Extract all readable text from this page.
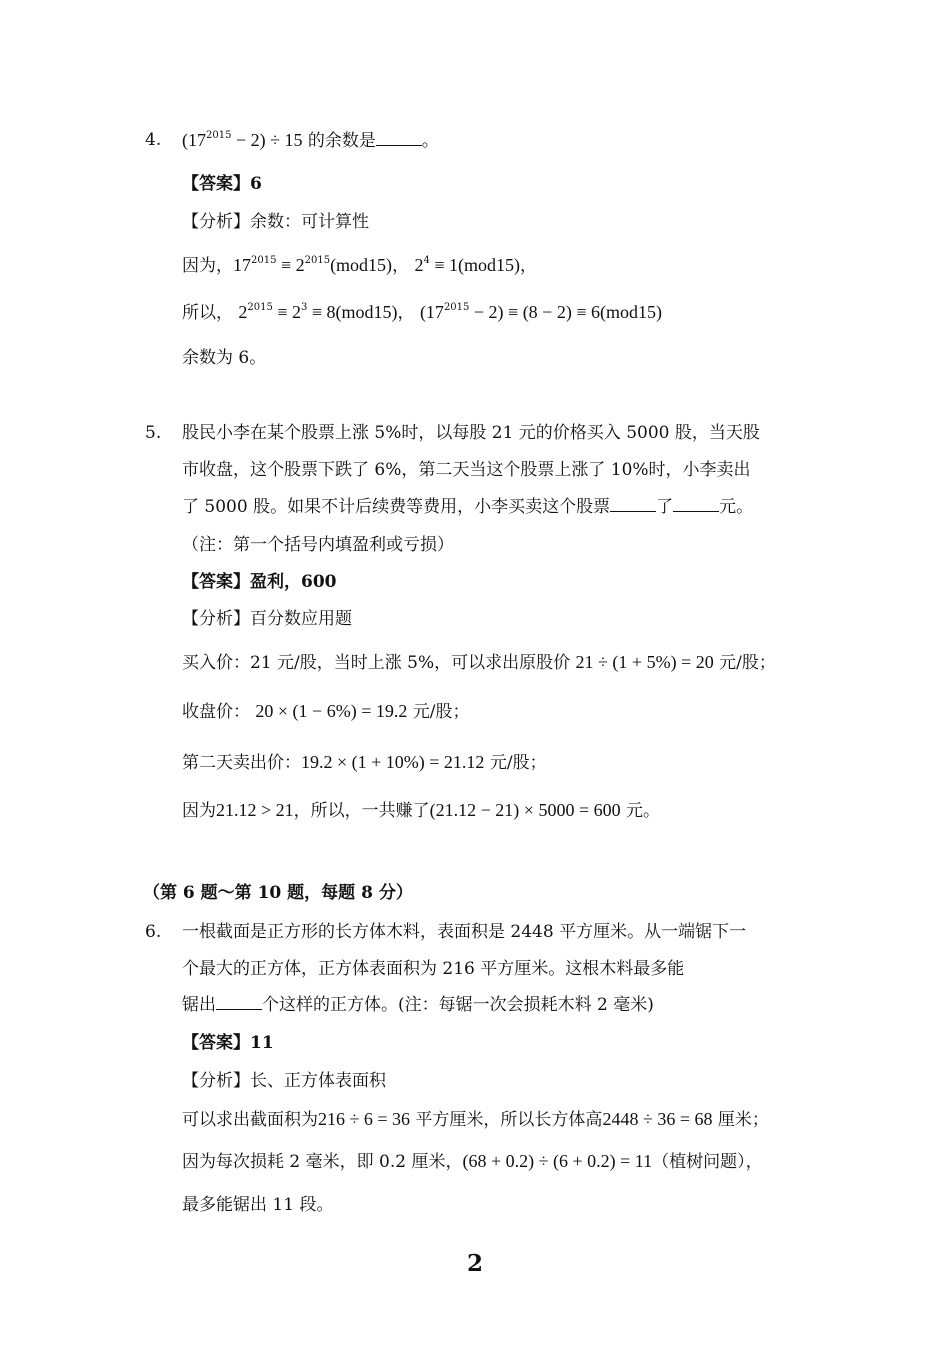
4. $(17^{2015} - 2) \div 15$ 的余数是	。
【答案】6
【分析】余数：可计算性
因为，$17^{2015} \equiv 2^{2015}(mod15)$， $2^4 \equiv 1(mod15)$，
所以， $2^{2015} \equiv 2^3 \equiv 8(mod15)$， $(17^{2015} - 2) \equiv (8 - 2) \equiv 6(mod15)$
余数为 6。
5. 股民小李在某个股票上涨 5%时，以每股 21 元的价格买入 5000 股，当天股
市收盘，这个股票下跌了 6%，第二天当这个股票上涨了 10%时，小李卖出
了 5000 股。如果不计后续费等费用，小李买卖这个股票	了	元。
（注：第一个括号内填盈利或亏损）
【答案】盈利，600
【分析】百分数应用题
买入价：21 元/股，当时上涨 5%，可以求出原股价 21 ÷ (1 + 5%) = 20 元/股；
收盘价： 20 × (1 − 6%) = 19.2 元/股；
第二天卖出价：19.2 × (1 + 10%) = 21.12 元/股；
因为21.12 > 21，所以，一共赚了(21.12 − 21) × 5000 = 600 元。
（第 6 题～第 10 题，每题 8 分）
6. 一根截面是正方形的长方体木料，表面积是 2448 平方厘米。从一端锯下一
个最大的正方体，正方体表面积为 216 平方厘米。这根木料最多能
锯出	个这样的正方体。(注：每锯一次会损耗木料 2 毫米)
【答案】11
【分析】长、正方体表面积
可以求出截面积为216 ÷ 6 = 36 平方厘米，所以长方体高2448 ÷ 36 = 68 厘米；
因为每次损耗 2 毫米，即 0.2 厘米，(68 + 0.2) ÷ (6 + 0.2) = 11（植树问题），
最多能锯出 11 段。
2
